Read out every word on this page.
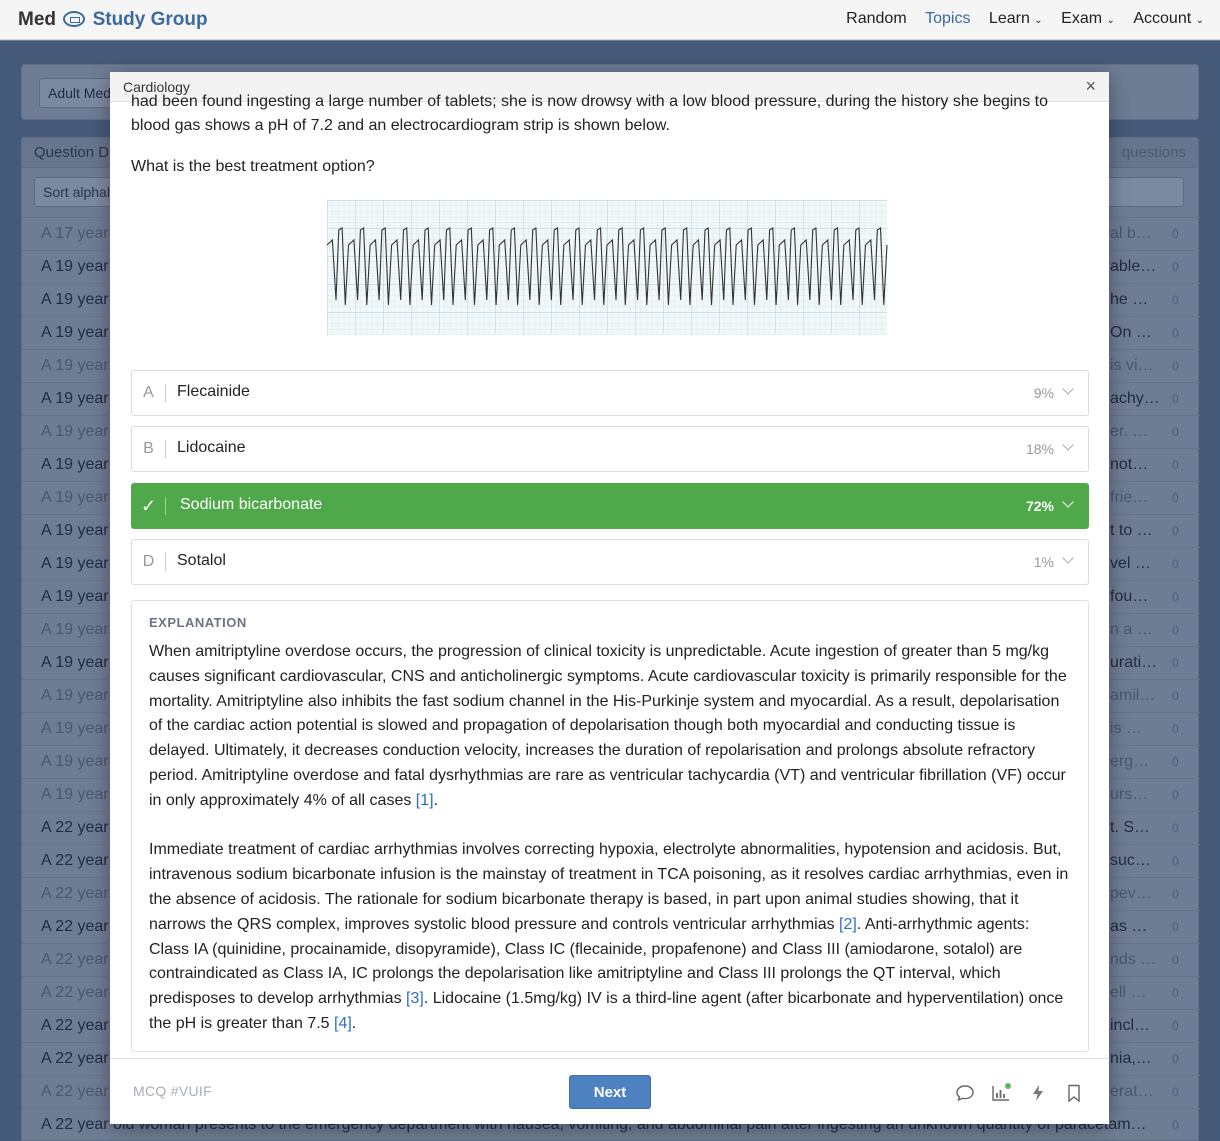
Med Study Group	Random Topics Learn ⌄ Exam ⌄ Account ⌄
Cardiology	×
had been found ingesting a large number of tablets; she is now drowsy with a low blood pressure, during the history she begins to
blood gas shows a pH of 7.2 and an electrocardiogram strip is shown below.
What is the best treatment option?
A	Flecainide	9%
B	Lidocaine	18%
✓	Sodium bicarbonate	72%
D	Sotalol	1%
EXPLANATION

When amitriptyline overdose occurs, the progression of clinical toxicity is unpredictable. Acute ingestion of greater than 5 mg/kg causes significant cardiovascular, CNS and anticholinergic symptoms. Acute cardiovascular toxicity is primarily responsible for the mortality. Amitriptyline also inhibits the fast sodium channel in the His-Purkinje system and myocardial. As a result, depolarisation of the cardiac action potential is slowed and propagation of depolarisation though both myocardial and conducting tissue is delayed. Ultimately, it decreases conduction velocity, increases the duration of repolarisation and prolongs absolute refractory period. Amitriptyline overdose and fatal dysrhythmias are rare as ventricular tachycardia (VT) and ventricular fibrillation (VF) occur in only approximately 4% of all cases [1].

Immediate treatment of cardiac arrhythmias involves correcting hypoxia, electrolyte abnormalities, hypotension and acidosis. But, intravenous sodium bicarbonate infusion is the mainstay of treatment in TCA poisoning, as it resolves cardiac arrhythmias, even in the absence of acidosis. The rationale for sodium bicarbonate therapy is based, in part upon animal studies showing, that it narrows the QRS complex, improves systolic blood pressure and controls ventricular arrhythmias [2]. Anti-arrhythmic agents: Class IA (quinidine, procainamide, disopyramide), Class IC (flecainide, propafenone) and Class III (amiodarone, sotalol) are contraindicated as Class IA, IC prolongs the depolarisation like amitriptyline and Class III prolongs the QT interval, which predisposes to develop arrhythmias [3]. Lidocaine (1.5mg/kg) IV is a third-line agent (after bicarbonate and hyperventilation) once the pH is greater than 7.5 [4].

MCQ #VUIF	Next
